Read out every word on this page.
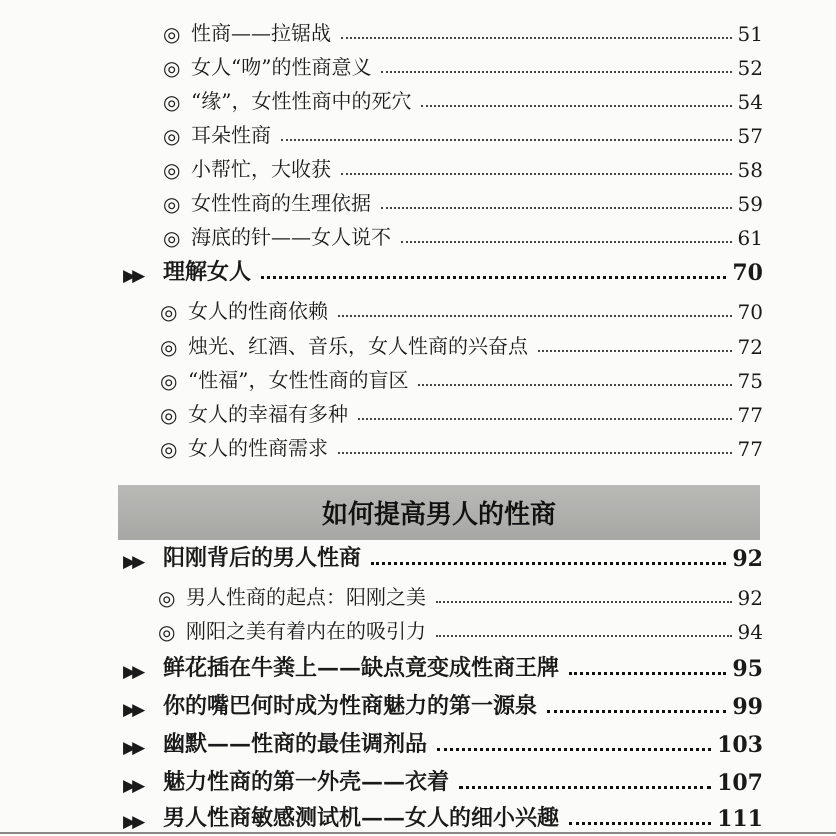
◎ 性商——拉锯战	51
◎ 女人“吻”的性商意义	52
◎ “缘”，女性性商中的死穴	54
◎ 耳朵性商	57
◎ 小帮忙，大收获	58
◎ 女性性商的生理依据	59
◎ 海底的针——女人说不	61
▶▶ 理解女人	70
◎ 女人的性商依赖	70
◎ 烛光、红酒、音乐，女人性商的兴奋点	72
◎ “性福”，女性性商的盲区	75
◎ 女人的幸福有多种	77
◎ 女人的性商需求	77
如何提高男人的性商
▶▶ 阳刚背后的男人性商	92
◎ 男人性商的起点：阳刚之美	92
◎ 刚阳之美有着内在的吸引力	94
▶▶ 鲜花插在牛粪上——缺点竟变成性商王牌	95
▶▶ 你的嘴巴何时成为性商魅力的第一源泉	99
▶▶ 幽默——性商的最佳调剂品	103
▶▶ 魅力性商的第一外壳——衣着	107
▶▶ 男人性商敏感测试机——女人的细小兴趣	111
